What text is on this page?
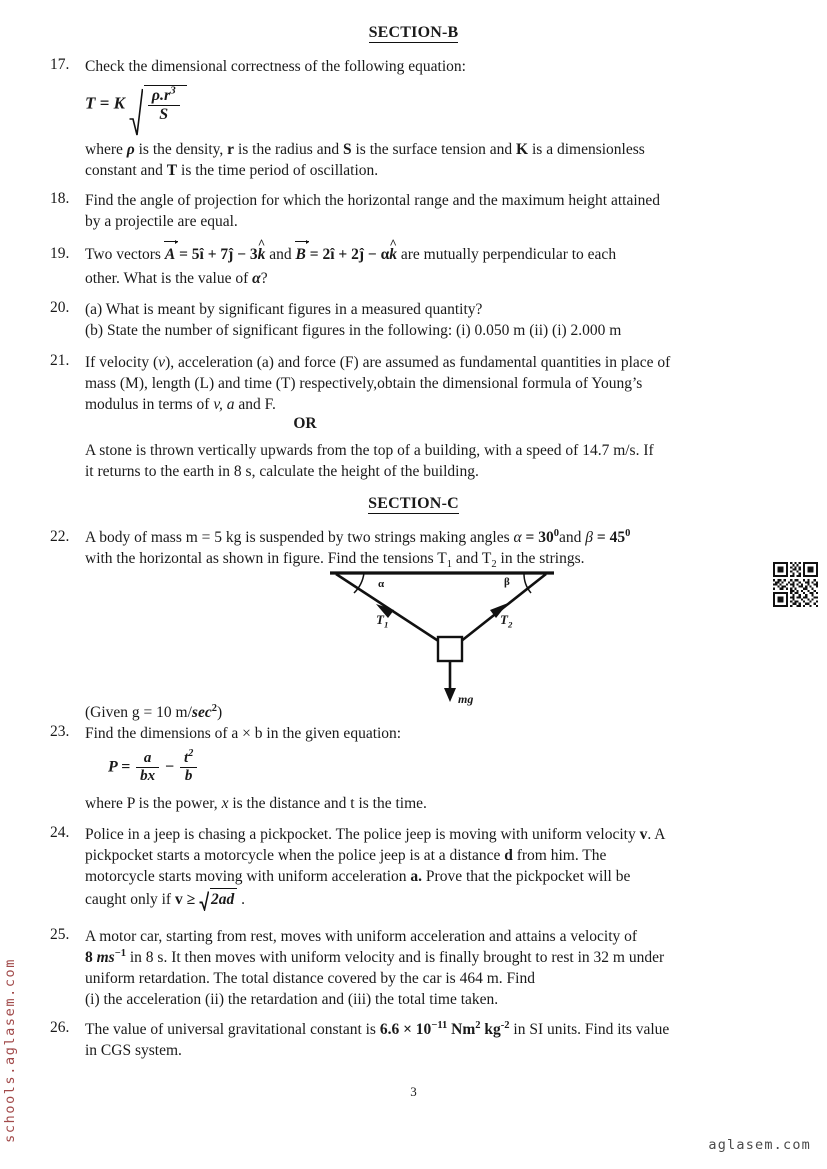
SECTION-B
17.	Check the dimensional correctness of the following equation:
T = K $\frac{\rho.r^3}{S}$
where ρ is the density, r is the radius and S is the surface tension and K is a dimensionless
constant and T is the time period of oscillation.
18.	Find the angle of projection for which the horizontal range and the maximum height attained
by a projectile are equal.
19.	Two vectors A = 5î + 7ĵ − 3k ^ and B = 2î + 2ĵ − αk ^ are mutually perpendicular to each
other. What is the value of α?
20.	(a) What is meant by significant figures in a measured quantity?
(b) State the number of significant figures in the following: (i) 0.050 m (ii) (i) 2.000 m
21.	If velocity (v), acceleration (a) and force (F) are assumed as fundamental quantities in place of
mass (M), length (L) and time (T) respectively,obtain the dimensional formula of Young’s
modulus in terms of v, a and F.
OR
A stone is thrown vertically upwards from the top of a building, with a speed of 14.7 m/s. If
it returns to the earth in 8 s, calculate the height of the building.
SECTION-C
22.	A body of mass m = 5 kg is suspended by two strings making angles $\alpha = 30^0and$ $\beta = 45^0$
with the horizontal as shown in figure. Find the tensions $T_1$ and $T_2$ in the strings.
α	β
$T_1$	$T_2$
mg
(Given g = 10 $m/\sec^2$)
23.	Find the dimensions of a × b in the given equation:
$P = \frac{a}{bx} - \frac{t^2}{b}$
where P is the power, x is the distance and t is the time.
24.	Police in a jeep is chasing a pickpocket. The police jeep is moving with uniform velocity v. A
pickpocket starts a motorcycle when the police jeep is at a distance d from him. The
motorcycle starts moving with uniform acceleration a. Prove that the pickpocket will be
caught only if v ≥
2ad .
25.	A motor car, starting from rest, moves with uniform acceleration and attains a velocity of
8 $ms^{-1}$ in 8 s. It then moves with uniform velocity and is finally brought to rest in 32 m under
uniform retardation. The total distance covered by the car is 464 m. Find
(i) the acceleration (ii) the retardation and (iii) the total time taken.
26.	The value of universal gravitational constant is $6.6 \times 10^{-11}$ Nm$^2$ $kg^{-2}$ in SI units. Find its value
in CGS system.
3
schools.aglasem.com
aglasem.com
